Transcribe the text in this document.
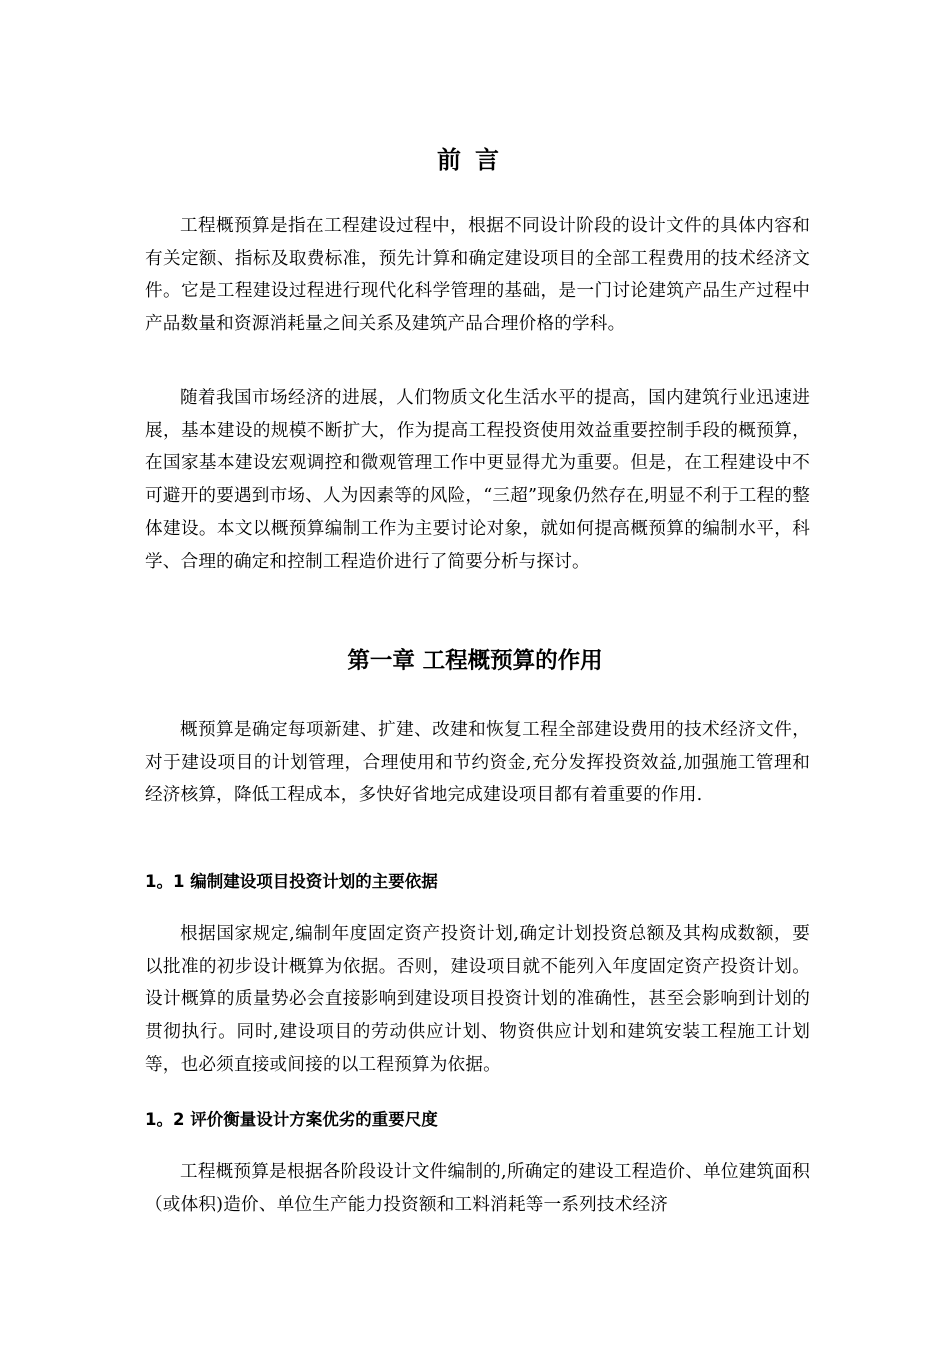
前言

工程概预算是指在工程建设过程中，根据不同设计阶段的设计文件的具体内容和有关定额、指标及取费标准，预先计算和确定建设项目的全部工程费用的技术经济文件。它是工程建设过程进行现代化科学管理的基础，是一门讨论建筑产品生产过程中产品数量和资源消耗量之间关系及建筑产品合理价格的学科。

随着我国市场经济的进展，人们物质文化生活水平的提高，国内建筑行业迅速进展，基本建设的规模不断扩大，作为提高工程投资使用效益重要控制手段的概预算，在国家基本建设宏观调控和微观管理工作中更显得尤为重要。但是，在工程建设中不可避开的要遇到市场、人为因素等的风险，“三超”现象仍然存在,明显不利于工程的整体建设。本文以概预算编制工作为主要讨论对象，就如何提高概预算的编制水平，科学、合理的确定和控制工程造价进行了简要分析与探讨。

第一章 工程概预算的作用

概预算是确定每项新建、扩建、改建和恢复工程全部建设费用的技术经济文件，对于建设项目的计划管理，合理使用和节约资金,充分发挥投资效益,加强施工管理和经济核算，降低工程成本，多快好省地完成建设项目都有着重要的作用.

1。1 编制建设项目投资计划的主要依据

根据国家规定,编制年度固定资产投资计划,确定计划投资总额及其构成数额，要以批准的初步设计概算为依据。否则，建设项目就不能列入年度固定资产投资计划。设计概算的质量势必会直接影响到建设项目投资计划的准确性，甚至会影响到计划的贯彻执行。同时,建设项目的劳动供应计划、物资供应计划和建筑安装工程施工计划等，也必须直接或间接的以工程预算为依据。

1。2 评价衡量设计方案优劣的重要尺度

工程概预算是根据各阶段设计文件编制的,所确定的建设工程造价、单位建筑面积（或体积)造价、单位生产能力投资额和工料消耗等一系列技术经济
